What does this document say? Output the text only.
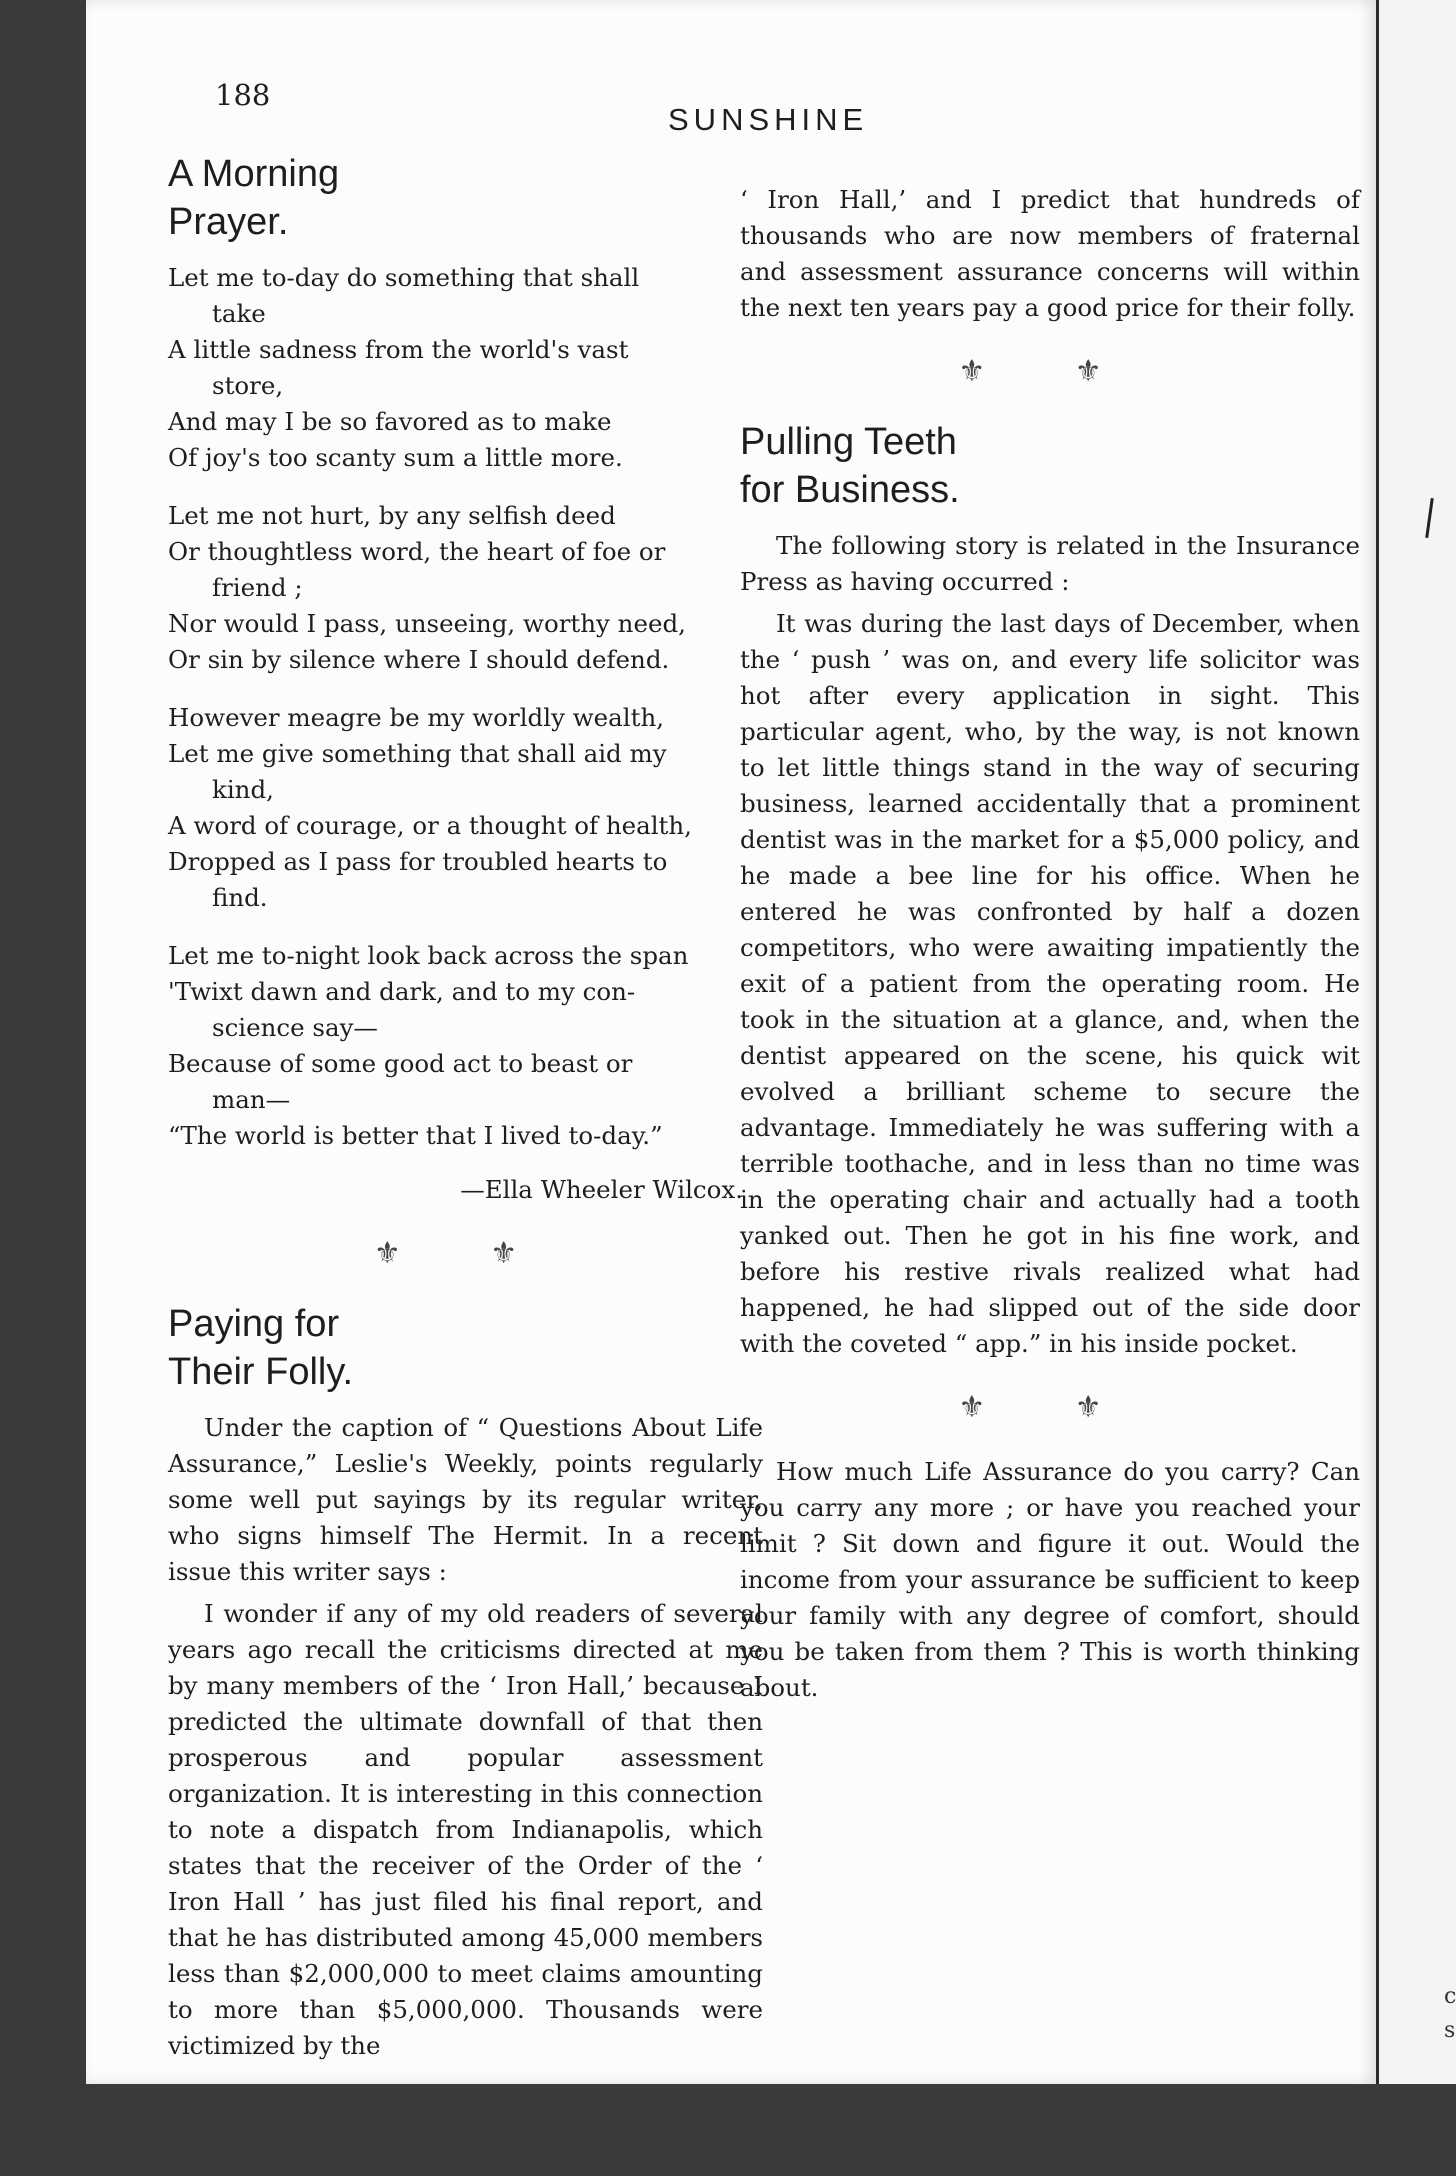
188
SUNSHINE
A Morning
Prayer.
Let me to-day do something that shall
take
A little sadness from the world's vast
store,
And may I be so favored as to make
Of joy's too scanty sum a little more.
Let me not hurt, by any selfish deed
Or thoughtless word, the heart of foe or
friend ;
Nor would I pass, unseeing, worthy need,
Or sin by silence where I should defend.
However meagre be my worldly wealth,
Let me give something that shall aid my
kind,
A word of courage, or a thought of health,
Dropped as I pass for troubled hearts to
find.
Let me to-night look back across the span
'Twixt dawn and dark, and to my con-
science say—
Because of some good act to beast or
man—
“The world is better that I lived to-day.”
—Ella Wheeler Wilcox.
⚜ ⚜
Paying for
Their Folly.

Under the caption of “ Questions About Life Assurance,” Leslie's Weekly, points regularly some well put sayings by its regular writer, who signs himself The Hermit. In a recent issue this writer says :

I wonder if any of my old readers of several years ago recall the criticisms directed at me by many members of the ‘ Iron Hall,’ because I predicted the ultimate downfall of that then prosperous and popular assessment organization. It is interesting in this connection to note a dispatch from Indianapolis, which states that the receiver of the Order of the ‘ Iron Hall ’ has just filed his final report, and that he has distributed among 45,000 members less than $2,000,000 to meet claims amounting to more than $5,000,000. Thousands were victimized by the

‘ Iron Hall,’ and I predict that hundreds of thousands who are now members of fraternal and assessment assurance concerns will within the next ten years pay a good price for their folly.

⚜ ⚜
Pulling Teeth
for Business.

The following story is related in the Insurance Press as having occurred :

It was during the last days of December, when the ‘ push ’ was on, and every life solicitor was hot after every application in sight. This particular agent, who, by the way, is not known to let little things stand in the way of securing business, learned accidentally that a prominent dentist was in the market for a $5,000 policy, and he made a bee line for his office. When he entered he was confronted by half a dozen competitors, who were awaiting impatiently the exit of a patient from the operating room. He took in the situation at a glance, and, when the dentist appeared on the scene, his quick wit evolved a brilliant scheme to secure the advantage. Immediately he was suffering with a terrible toothache, and in less than no time was in the operating chair and actually had a tooth yanked out. Then he got in his fine work, and before his restive rivals realized what had happened, he had slipped out of the side door with the coveted “ app.” in his inside pocket.

⚜ ⚜

How much Life Assurance do you carry? Can you carry any more ; or have you reached your limit ? Sit down and figure it out. Would the income from your assurance be sufficient to keep your family with any degree of comfort, should you be taken from them ? This is worth thinking about.

c
s
